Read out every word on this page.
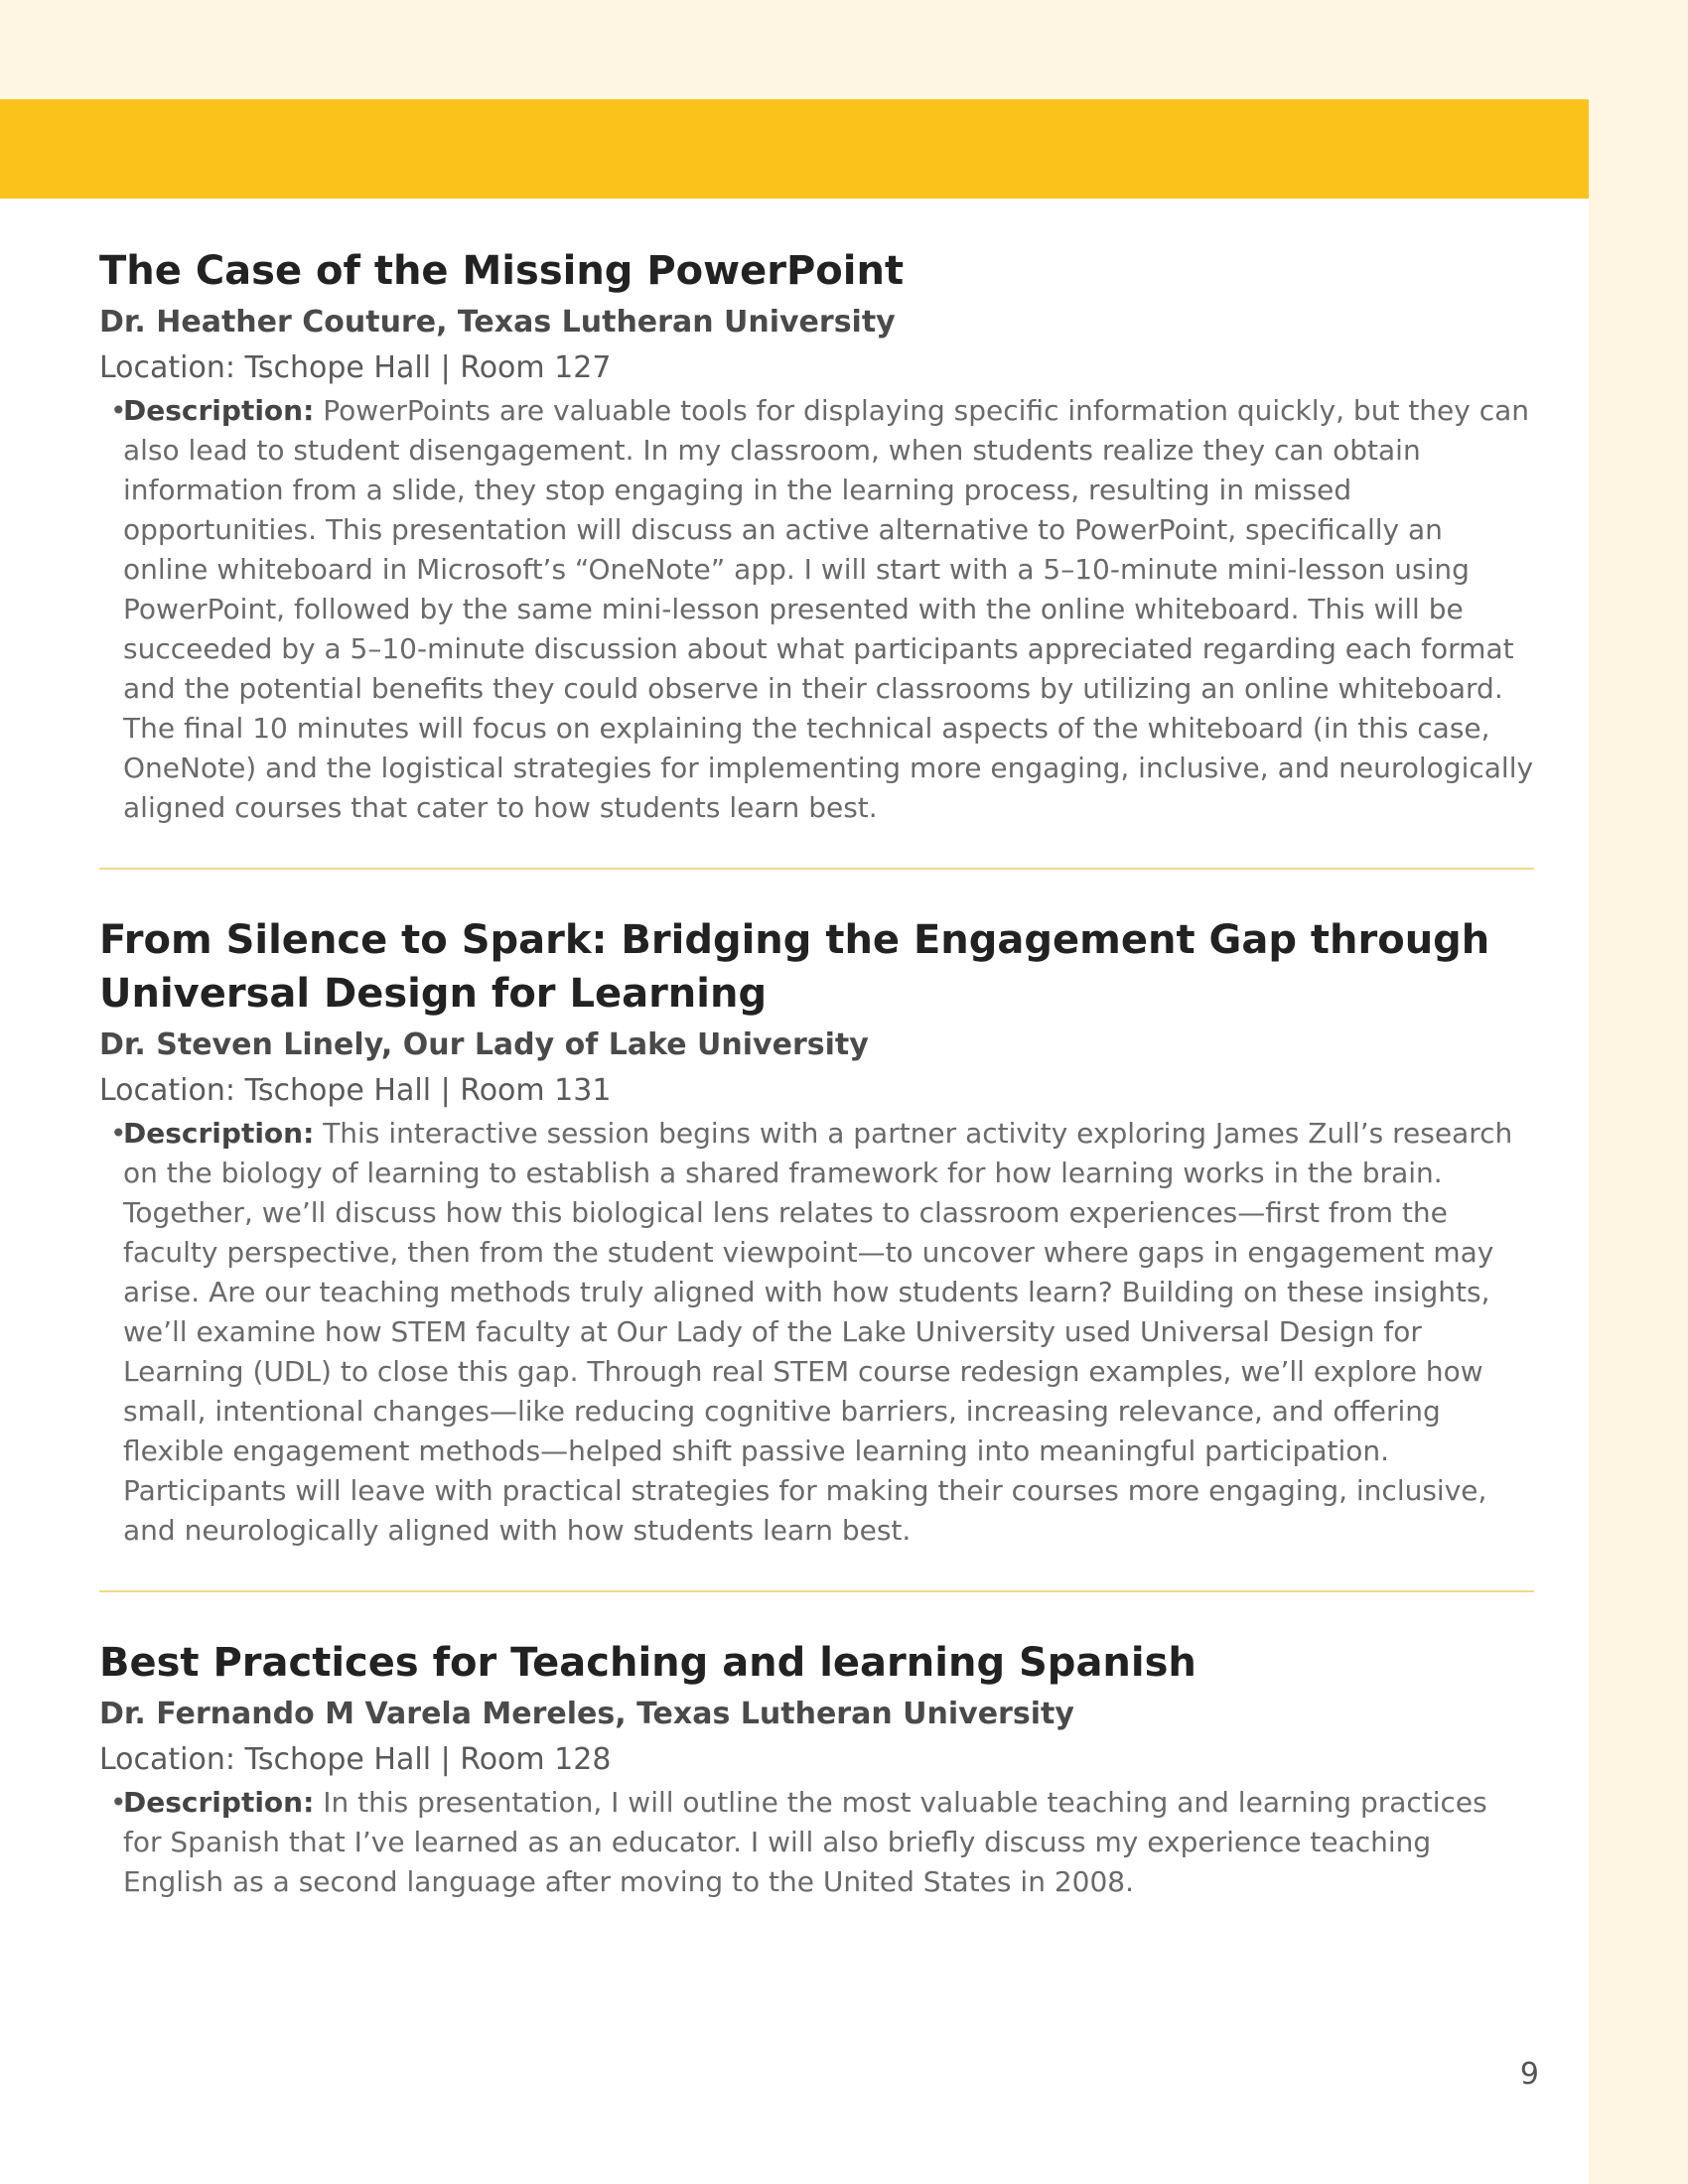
The Case of the Missing PowerPoint

Dr. Heather Couture, Texas Lutheran University

Location: Tschope Hall | Room 127

•
Description: PowerPoints are valuable tools for displaying specific information quickly, but they can also lead to student disengagement. In my classroom, when students realize they can obtain information from a slide, they stop engaging in the learning process, resulting in missed opportunities. This presentation will discuss an active alternative to PowerPoint, specifically an online whiteboard in Microsoft’s “OneNote” app. I will start with a 5–10-minute mini-lesson using PowerPoint, followed by the same mini-lesson presented with the online whiteboard. This will be succeeded by a 5–10-minute discussion about what participants appreciated regarding each format and the potential benefits they could observe in their classrooms by utilizing an online whiteboard. The final 10 minutes will focus on explaining the technical aspects of the whiteboard (in this case, OneNote) and the logistical strategies for implementing more engaging, inclusive, and neurologically aligned courses that cater to how students learn best.

From Silence to Spark: Bridging the Engagement Gap through Universal Design for Learning

Dr. Steven Linely, Our Lady of Lake University

Location: Tschope Hall | Room 131

•
Description: This interactive session begins with a partner activity exploring James Zull’s research on the biology of learning to establish a shared framework for how learning works in the brain. Together, we’ll discuss how this biological lens relates to classroom experiences—first from the faculty perspective, then from the student viewpoint—to uncover where gaps in engagement may arise. Are our teaching methods truly aligned with how students learn? Building on these insights, we’ll examine how STEM faculty at Our Lady of the Lake University used Universal Design for Learning (UDL) to close this gap. Through real STEM course redesign examples, we’ll explore how small, intentional changes—like reducing cognitive barriers, increasing relevance, and offering flexible engagement methods—helped shift passive learning into meaningful participation. Participants will leave with practical strategies for making their courses more engaging, inclusive, and neurologically aligned with how students learn best.

Best Practices for Teaching and learning Spanish

Dr. Fernando M Varela Mereles, Texas Lutheran University

Location: Tschope Hall | Room 128

•
Description: In this presentation, I will outline the most valuable teaching and learning practices for Spanish that I’ve learned as an educator. I will also briefly discuss my experience teaching English as a second language after moving to the United States in 2008.

9
